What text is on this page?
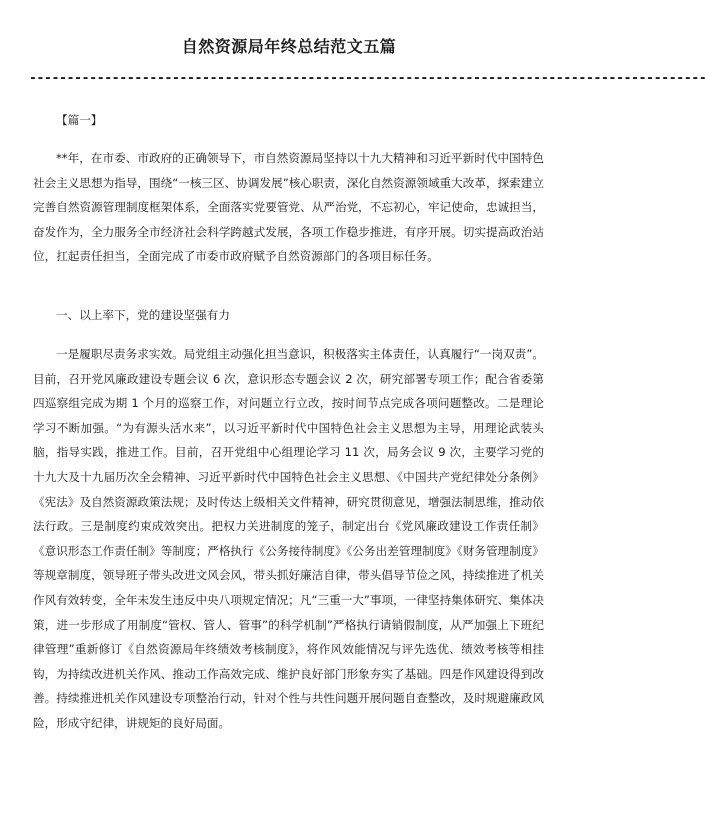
自然资源局年终总结范文五篇
------------------------------------------------------------------------------------------

【篇一】

**年，在市委、市政府的正确领导下，市自然资源局坚持以十九大精神和习近平新时代中国特色社会主义思想为指导，围绕“一核三区、协调发展”核心职责，深化自然资源领域重大改革，探索建立完善自然资源管理制度框架体系，全面落实党要管党、从严治党，不忘初心，牢记使命，忠诚担当，奋发作为，全力服务全市经济社会科学跨越式发展，各项工作稳步推进，有序开展。切实提高政治站位，扛起责任担当，全面完成了市委市政府赋予自然资源部门的各项目标任务。

一、以上率下，党的建设坚强有力

一是履职尽责务求实效。局党组主动强化担当意识，积极落实主体责任，认真履行“一岗双责”。目前，召开党风廉政建设专题会议 6 次，意识形态专题会议 2 次，研究部署专项工作；配合省委第四巡察组完成为期 1 个月的巡察工作，对问题立行立改，按时间节点完成各项问题整改。二是理论学习不断加强。“为有源头活水来”，以习近平新时代中国特色社会主义思想为主导，用理论武装头脑，指导实践，推进工作。目前，召开党组中心组理论学习 11 次，局务会议 9 次，主要学习党的十九大及十九届历次全会精神、习近平新时代中国特色社会主义思想、《中国共产党纪律处分条例》《宪法》及自然资源政策法规；及时传达上级相关文件精神，研究贯彻意见，增强法制思维，推动依法行政。三是制度约束成效突出。把权力关进制度的笼子，制定出台《党风廉政建设工作责任制》《意识形态工作责任制》等制度；严格执行《公务接待制度》《公务出差管理制度》《财务管理制度》等规章制度，领导班子带头改进文风会风，带头抓好廉洁自律，带头倡导节俭之风，持续推进了机关作风有效转变，全年未发生违反中央八项规定情况；凡“三重一大”事项，一律坚持集体研究、集体决策，进一步形成了用制度“管权、管人、管事”的科学机制”严格执行请销假制度，从严加强上下班纪律管理”重新修订《自然资源局年终绩效考核制度》，将作风效能情况与评先选优、绩效考核等相挂钩，为持续改进机关作风、推动工作高效完成、维护良好部门形象夯实了基础。四是作风建设得到改善。持续推进机关作风建设专项整治行动，针对个性与共性问题开展问题自查整改，及时规避廉政风险，形成守纪律，讲规矩的良好局面。
